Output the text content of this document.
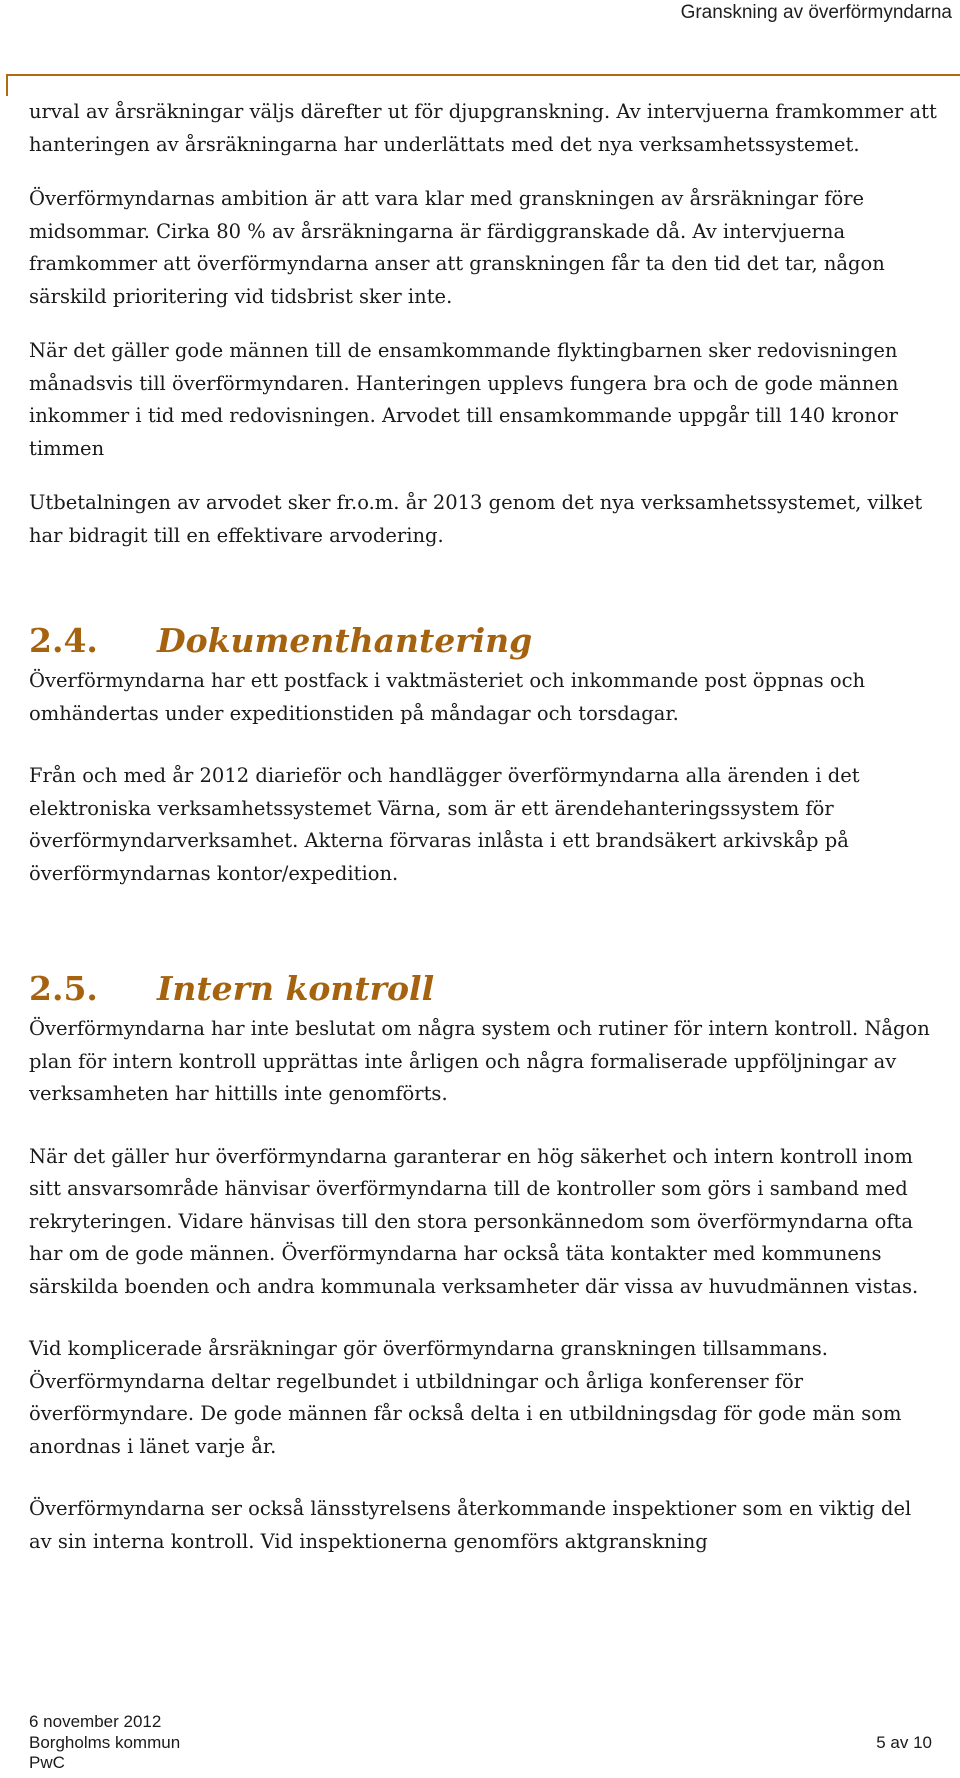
Granskning av överförmyndarna

urval av årsräkningar väljs därefter ut för djupgranskning. Av intervjuerna framkommer att hanteringen av årsräkningarna har underlättats med det nya verksamhetssystemet.

Överförmyndarnas ambition är att vara klar med granskningen av årsräkningar före midsommar. Cirka 80 % av årsräkningarna är färdiggranskade då. Av intervjuerna framkommer att överförmyndarna anser att granskningen får ta den tid det tar, någon särskild prioritering vid tidsbrist sker inte.

När det gäller gode männen till de ensamkommande flyktingbarnen sker redovisningen månadsvis till överförmyndaren. Hanteringen upplevs fungera bra och de gode männen inkommer i tid med redovisningen. Arvodet till ensamkommande uppgår till 140 kronor timmen

Utbetalningen av arvodet sker fr.o.m. år 2013 genom det nya verksamhetssystemet, vilket har bidragit till en effektivare arvodering.

2.4.	Dokumenthantering

Överförmyndarna har ett postfack i vaktmästeriet och inkommande post öppnas och omhändertas under expeditionstiden på måndagar och torsdagar.

Från och med år 2012 diarieför och handlägger överförmyndarna alla ärenden i det elektroniska verksamhetssystemet Värna, som är ett ärendehanteringssystem för överförmyndarverksamhet. Akterna förvaras inlåsta i ett brandsäkert arkivskåp på överförmyndarnas kontor/expedition.

2.5.	Intern kontroll

Överförmyndarna har inte beslutat om några system och rutiner för intern kontroll. Någon plan för intern kontroll upprättas inte årligen och några formaliserade uppföljningar av verksamheten har hittills inte genomförts.

När det gäller hur överförmyndarna garanterar en hög säkerhet och intern kontroll inom sitt ansvarsområde hänvisar överförmyndarna till de kontroller som görs i samband med rekryteringen. Vidare hänvisas till den stora personkännedom som överförmyndarna ofta har om de gode männen. Överförmyndarna har också täta kontakter med kommunens särskilda boenden och andra kommunala verksamheter där vissa av huvudmännen vistas.

Vid komplicerade årsräkningar gör överförmyndarna granskningen tillsammans. Överförmyndarna deltar regelbundet i utbildningar och årliga konferenser för överförmyndare. De gode männen får också delta i en utbildningsdag för gode män som anordnas i länet varje år.

Överförmyndarna ser också länsstyrelsens återkommande inspektioner som en viktig del av sin interna kontroll. Vid inspektionerna genomförs aktgranskning

6 november 2012
Borgholms kommun
PwC
5 av 10
